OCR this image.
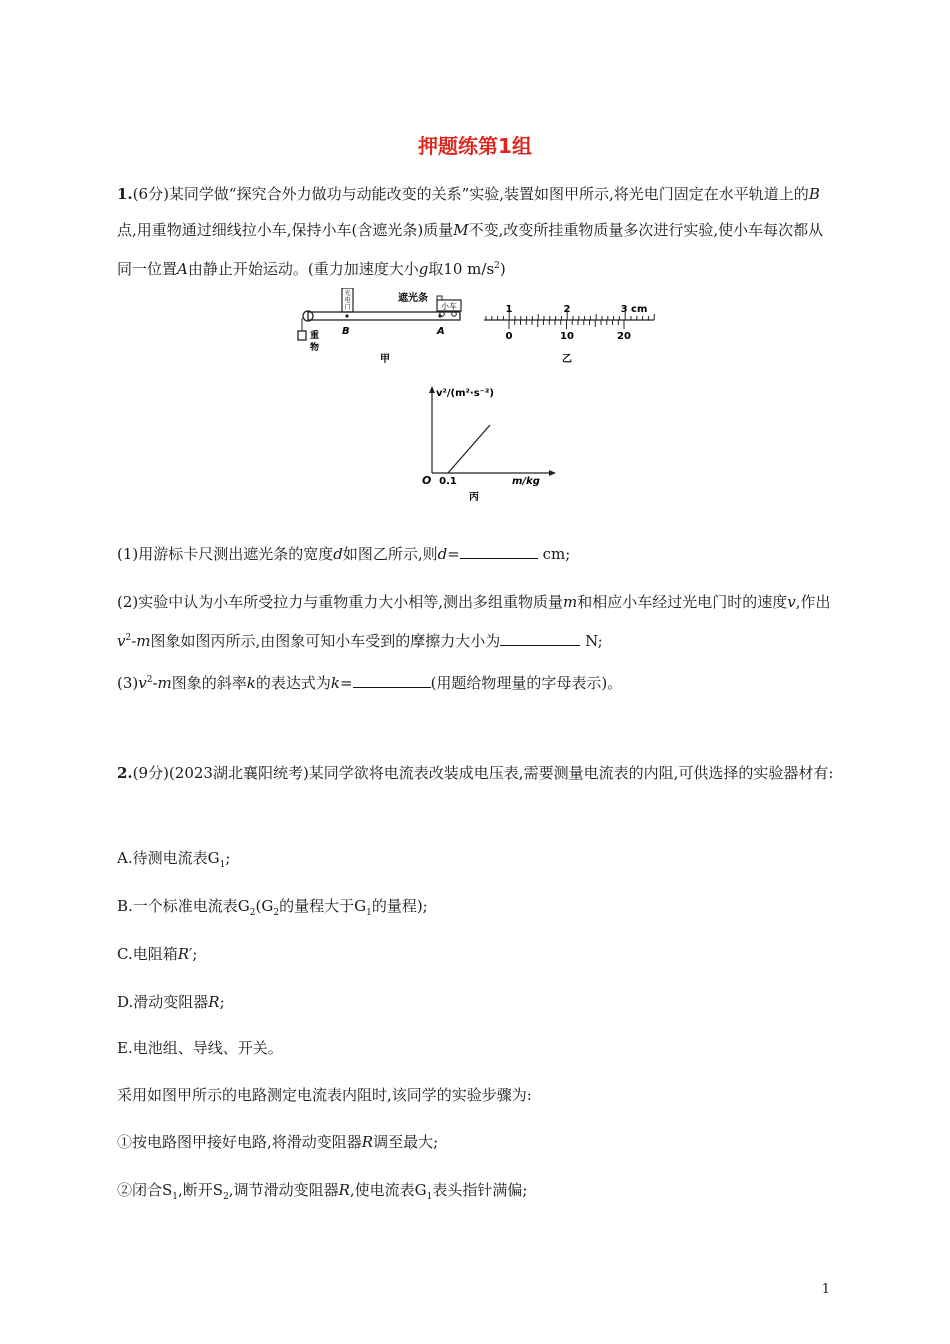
押题练第1组

1.(6分)某同学做“探究合外力做功与动能改变的关系”实验,装置如图甲所示,将光电门固定在水平轨道上的B点,用重物通过细线拉小车,保持小车(含遮光条)质量M不变,改变所挂重物质量多次进行实验,使小车每次都从同一位置A由静止开始运动。(重力加速度大小g取10 $m/s^2$)

重
物
光
电
门
B
遮光条
小车
A
甲
1	2	3 cm
0	10	20
乙
v²/(m²·s⁻²)
O 0.1	m/kg
丙

(1)用游标卡尺测出遮光条的宽度d如图乙所示,则d=	cm;

(2)实验中认为小车所受拉力与重物重力大小相等,测出多组重物质量m和相应小车经过光电门时的速度v,作出$v^2-m$图象如图丙所示,由图象可知小车受到的摩擦力大小为	N;

$(3)v^2-m$图象的斜率k的表达式为k=	(用题给物理量的字母表示)。

2.(9分)(2023湖北襄阳统考)某同学欲将电流表改装成电压表,需要测量电流表的内阻,可供选择的实验器材有:

A.待测电流表$G_1$;

B.一个标准电流表$G_2(G_2$的量程大于$G_1$的量程);

C.电阻箱R′;

D.滑动变阻器R;

E.电池组、导线、开关。

采用如图甲所示的电路测定电流表内阻时,该同学的实验步骤为:

①按电路图甲接好电路,将滑动变阻器R调至最大;

②闭合$S_1$,断开$S_2$,调节滑动变阻器R,使电流表$G_1$表头指针满偏;

1
